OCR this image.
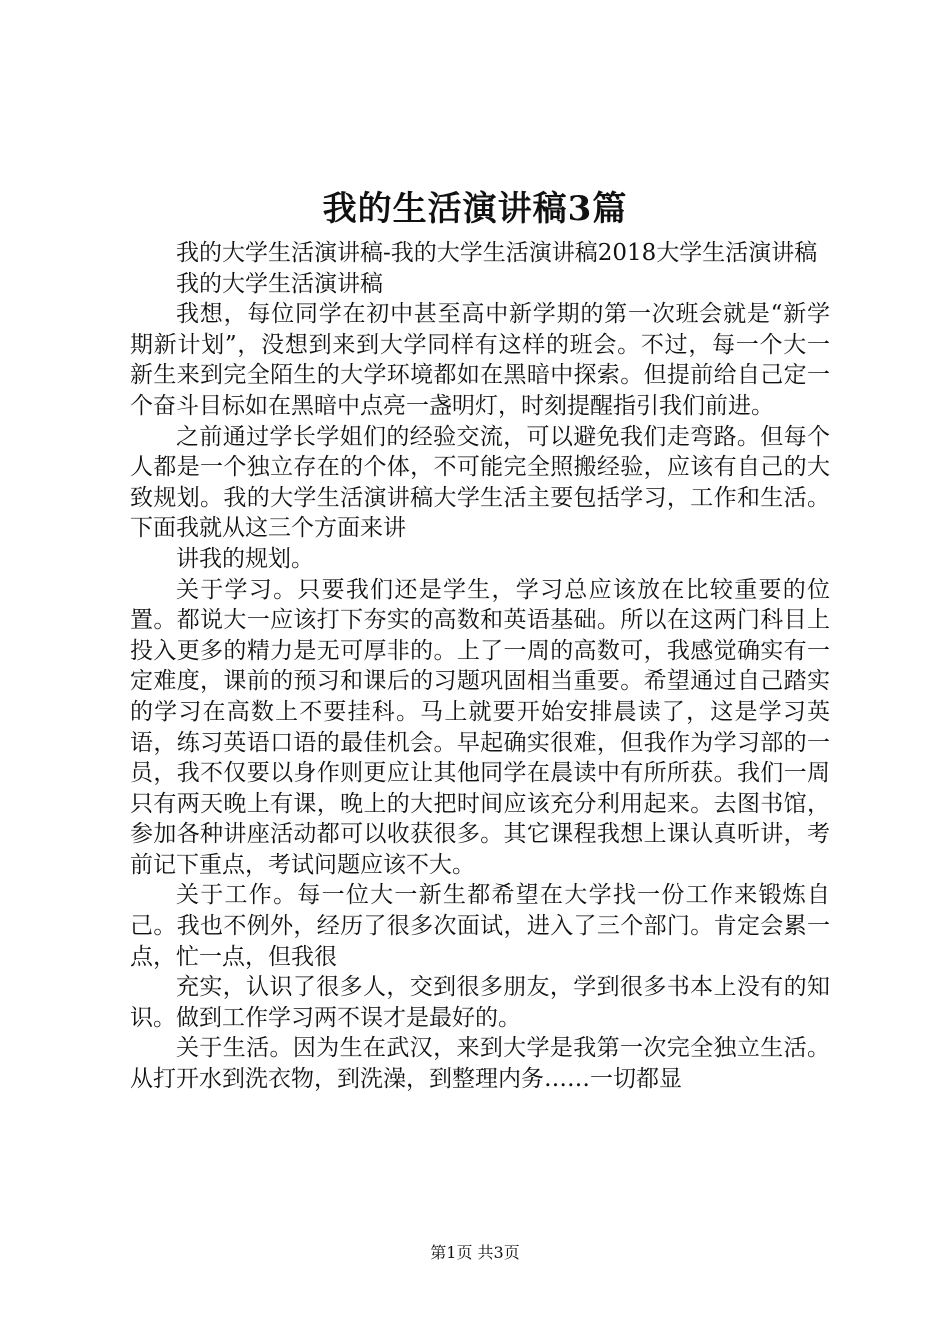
我的生活演讲稿3篇

我的大学生活演讲稿-我的大学生活演讲稿2018大学生活演讲稿

我的大学生活演讲稿

我想，每位同学在初中甚至高中新学期的第一次班会就是“新学期新计划”，没想到来到大学同样有这样的班会。不过，每一个大一新生来到完全陌生的大学环境都如在黑暗中探索。但提前给自己定一个奋斗目标如在黑暗中点亮一盏明灯，时刻提醒指引我们前进。

之前通过学长学姐们的经验交流，可以避免我们走弯路。但每个人都是一个独立存在的个体，不可能完全照搬经验，应该有自己的大致规划。我的大学生活演讲稿大学生活主要包括学习，工作和生活。下面我就从这三个方面来讲

讲我的规划。

关于学习。只要我们还是学生，学习总应该放在比较重要的位置。都说大一应该打下夯实的高数和英语基础。所以在这两门科目上投入更多的精力是无可厚非的。上了一周的高数可，我感觉确实有一定难度，课前的预习和课后的习题巩固相当重要。希望通过自己踏实的学习在高数上不要挂科。马上就要开始安排晨读了，这是学习英语，练习英语口语的最佳机会。早起确实很难，但我作为学习部的一员，我不仅要以身作则更应让其他同学在晨读中有所所获。我们一周只有两天晚上有课，晚上的大把时间应该充分利用起来。去图书馆，参加各种讲座活动都可以收获很多。其它课程我想上课认真听讲，考前记下重点，考试问题应该不大。

关于工作。每一位大一新生都希望在大学找一份工作来锻炼自己。我也不例外，经历了很多次面试，进入了三个部门。肯定会累一点，忙一点，但我很

充实，认识了很多人，交到很多朋友，学到很多书本上没有的知识。做到工作学习两不误才是最好的。

关于生活。因为生在武汉，来到大学是我第一次完全独立生活。从打开水到洗衣物，到洗澡，到整理内务……一切都显

第1页 共3页
